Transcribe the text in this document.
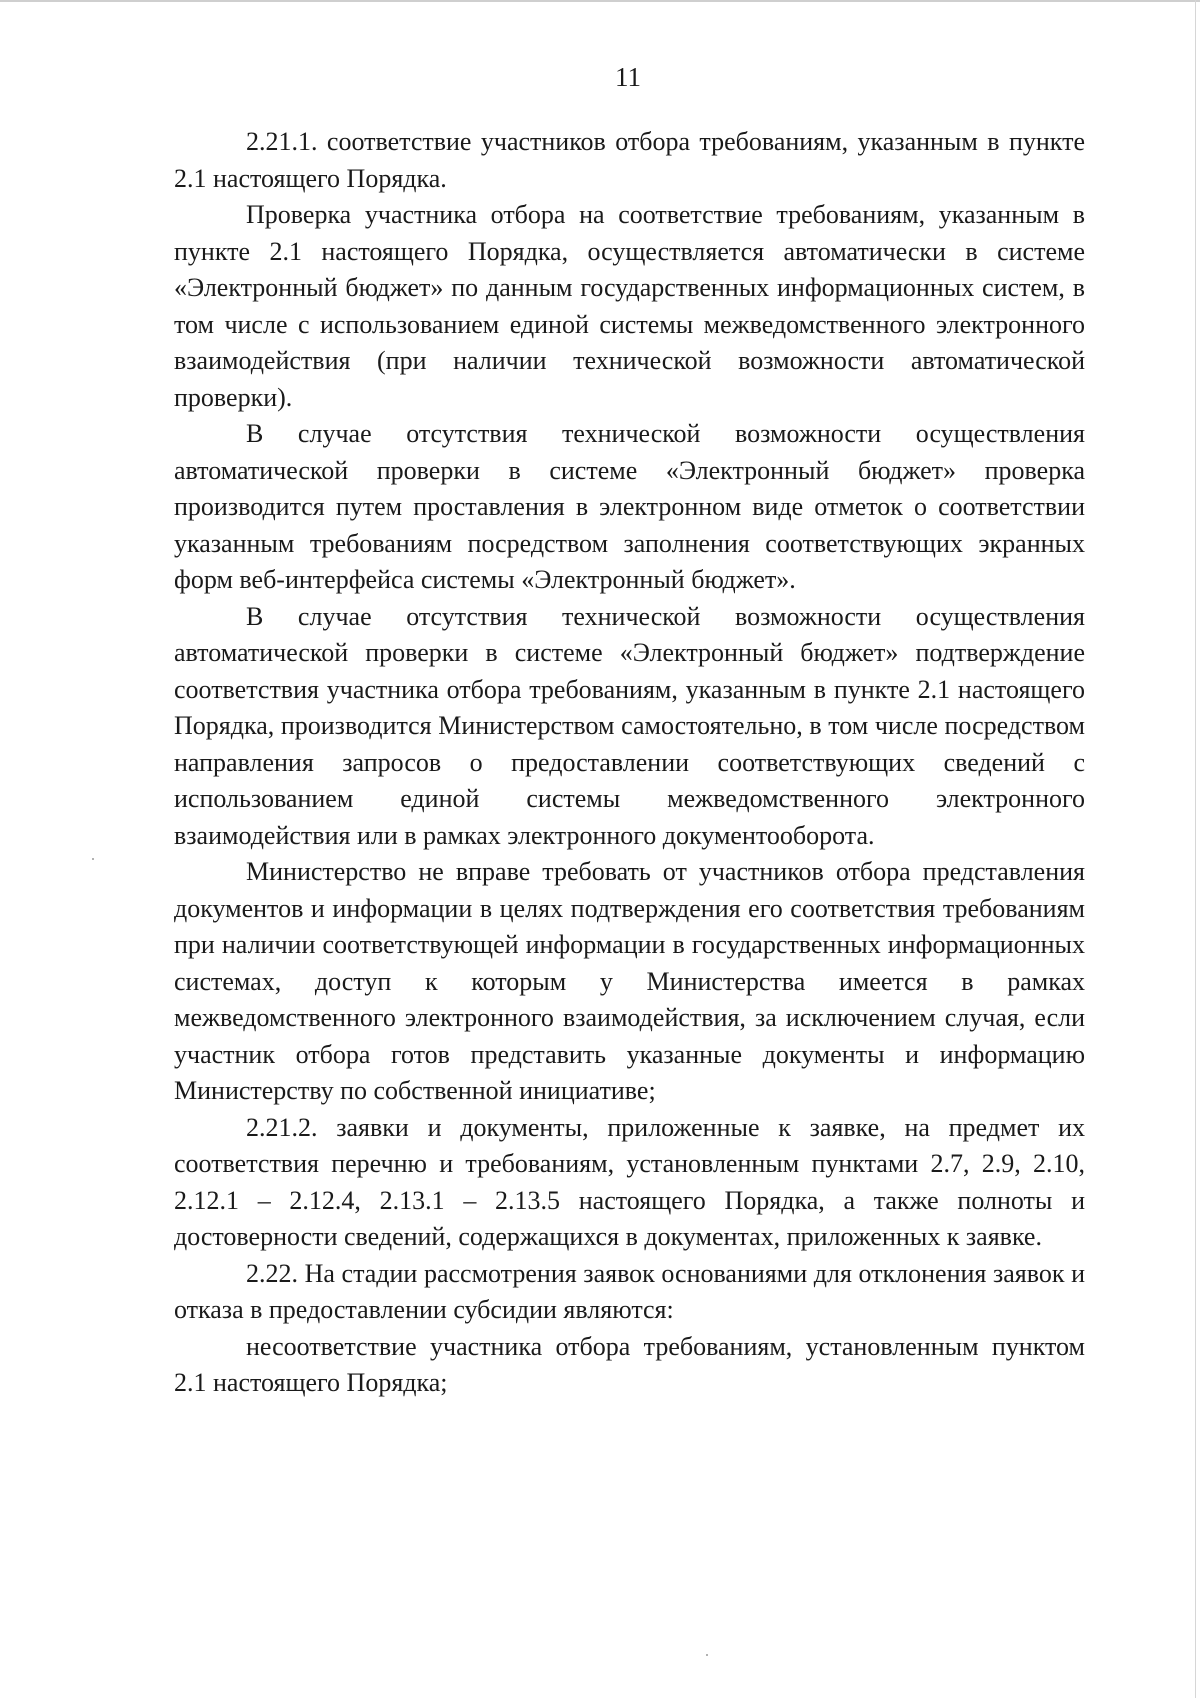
11

2.21.1. соответствие участников отбора требованиям, указанным в пункте 2.1 настоящего Порядка.

Проверка участника отбора на соответствие требованиям, указанным в пункте 2.1 настоящего Порядка, осуществляется автоматически в системе «Электронный бюджет» по данным государственных информационных систем, в том числе с использованием единой системы межведомственного электронного взаимодействия (при наличии технической возможности автоматической проверки).

В случае отсутствия технической возможности осуществления автоматической проверки в системе «Электронный бюджет» проверка производится путем проставления в электронном виде отметок о соответствии указанным требованиям посредством заполнения соответствующих экранных форм веб-интерфейса системы «Электронный бюджет».

В случае отсутствия технической возможности осуществления автоматической проверки в системе «Электронный бюджет» подтверждение соответствия участника отбора требованиям, указанным в пункте 2.1 настоящего Порядка, производится Министерством самостоятельно, в том числе посредством направления запросов о предоставлении соответствующих сведений с использованием единой системы межведомственного электронного взаимодействия или в рамках электронного документооборота.

Министерство не вправе требовать от участников отбора представления документов и информации в целях подтверждения его соответствия требованиям при наличии соответствующей информации в государственных информационных системах, доступ к которым у Министерства имеется в рамках межведомственного электронного взаимодействия, за исключением случая, если участник отбора готов представить указанные документы и информацию Министерству по собственной инициативе;

2.21.2. заявки и документы, приложенные к заявке, на предмет их соответствия перечню и требованиям, установленным пунктами 2.7, 2.9, 2.10, 2.12.1 – 2.12.4, 2.13.1 – 2.13.5 настоящего Порядка, а также полноты и достоверности сведений, содержащихся в документах, приложенных к заявке.

2.22. На стадии рассмотрения заявок основаниями для отклонения заявок и отказа в предоставлении субсидии являются:

несоответствие участника отбора требованиям, установленным пунктом 2.1 настоящего Порядка;
